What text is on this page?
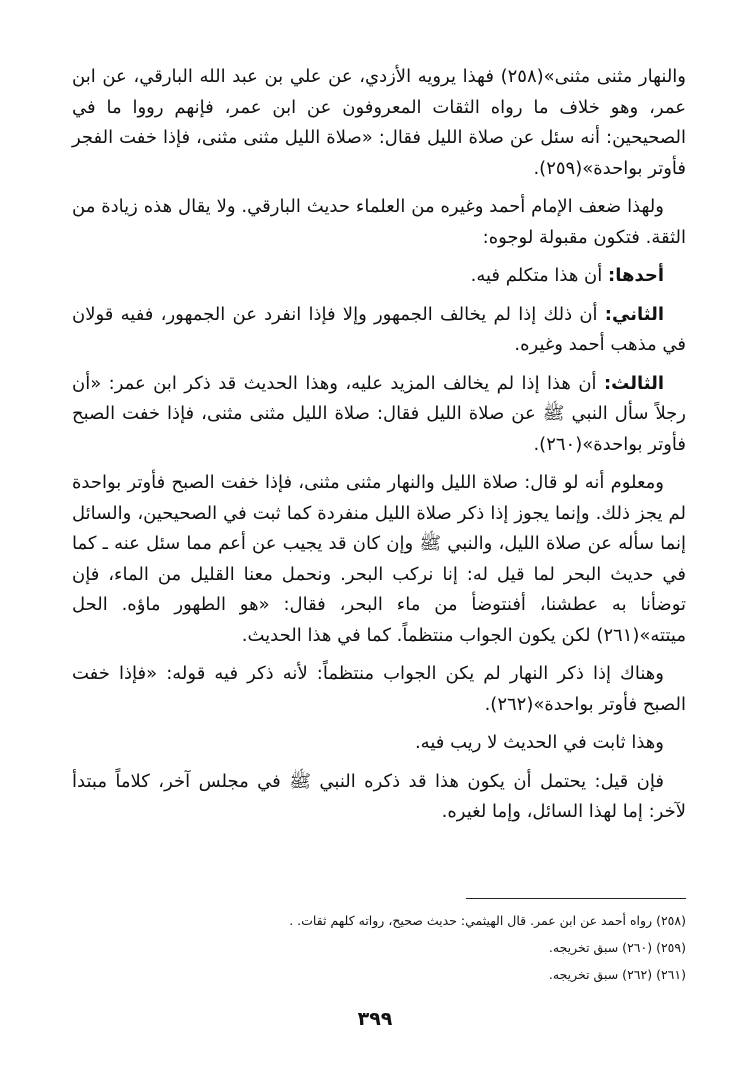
والنهار مثنى مثنى»(٢٥٨) فهذا يرويه الأزدي، عن علي بن عبد الله البارقي، عن ابن عمر، وهو خلاف ما رواه الثقات المعروفون عن ابن عمر، فإنهم رووا ما في الصحيحين: أنه سئل عن صلاة الليل فقال: «صلاة الليل مثنى مثنى، فإذا خفت الفجر فأوتر بواحدة»(٢٥٩).

ولهذا ضعف الإمام أحمد وغيره من العلماء حديث البارقي. ولا يقال هذه زيادة من الثقة. فتكون مقبولة لوجوه:

أحدها: أن هذا متكلم فيه.

الثاني: أن ذلك إذا لم يخالف الجمهور وإلا فإذا انفرد عن الجمهور، ففيه قولان في مذهب أحمد وغيره.

الثالث: أن هذا إذا لم يخالف المزيد عليه، وهذا الحديث قد ذكر ابن عمر: «أن رجلاً سأل النبي ﷺ عن صلاة الليل فقال: صلاة الليل مثنى مثنى، فإذا خفت الصبح فأوتر بواحدة»(٢٦٠).

ومعلوم أنه لو قال: صلاة الليل والنهار مثنى مثنى، فإذا خفت الصبح فأوتر بواحدة لم يجز ذلك. وإنما يجوز إذا ذكر صلاة الليل منفردة كما ثبت في الصحيحين، والسائل إنما سأله عن صلاة الليل، والنبي ﷺ وإن كان قد يجيب عن أعم مما سئل عنه ـ كما في حديث البحر لما قيل له: إنا نركب البحر. ونحمل معنا القليل من الماء، فإن توضأنا به عطشنا، أفنتوضأ من ماء البحر، فقال: «هو الطهور ماؤه. الحل ميتته»(٢٦١) لكن يكون الجواب منتظماً. كما في هذا الحديث.

وهناك إذا ذكر النهار لم يكن الجواب منتظماً: لأنه ذكر فيه قوله: «فإذا خفت الصبح فأوتر بواحدة»(٢٦٢).

وهذا ثابت في الحديث لا ريب فيه.

فإن قيل: يحتمل أن يكون هذا قد ذكره النبي ﷺ في مجلس آخر، كلاماً مبتدأ لآخر: إما لهذا السائل، وإما لغيره.

(٢٥٨) رواه أحمد عن ابن عمر. قال الهيثمي: حديث صحيح، رواته كلهم ثقات. .

(٢٥٩) (٢٦٠) سبق تخريجه.

(٢٦١) (٢٦٢) سبق تخريجه.

٣٩٩
